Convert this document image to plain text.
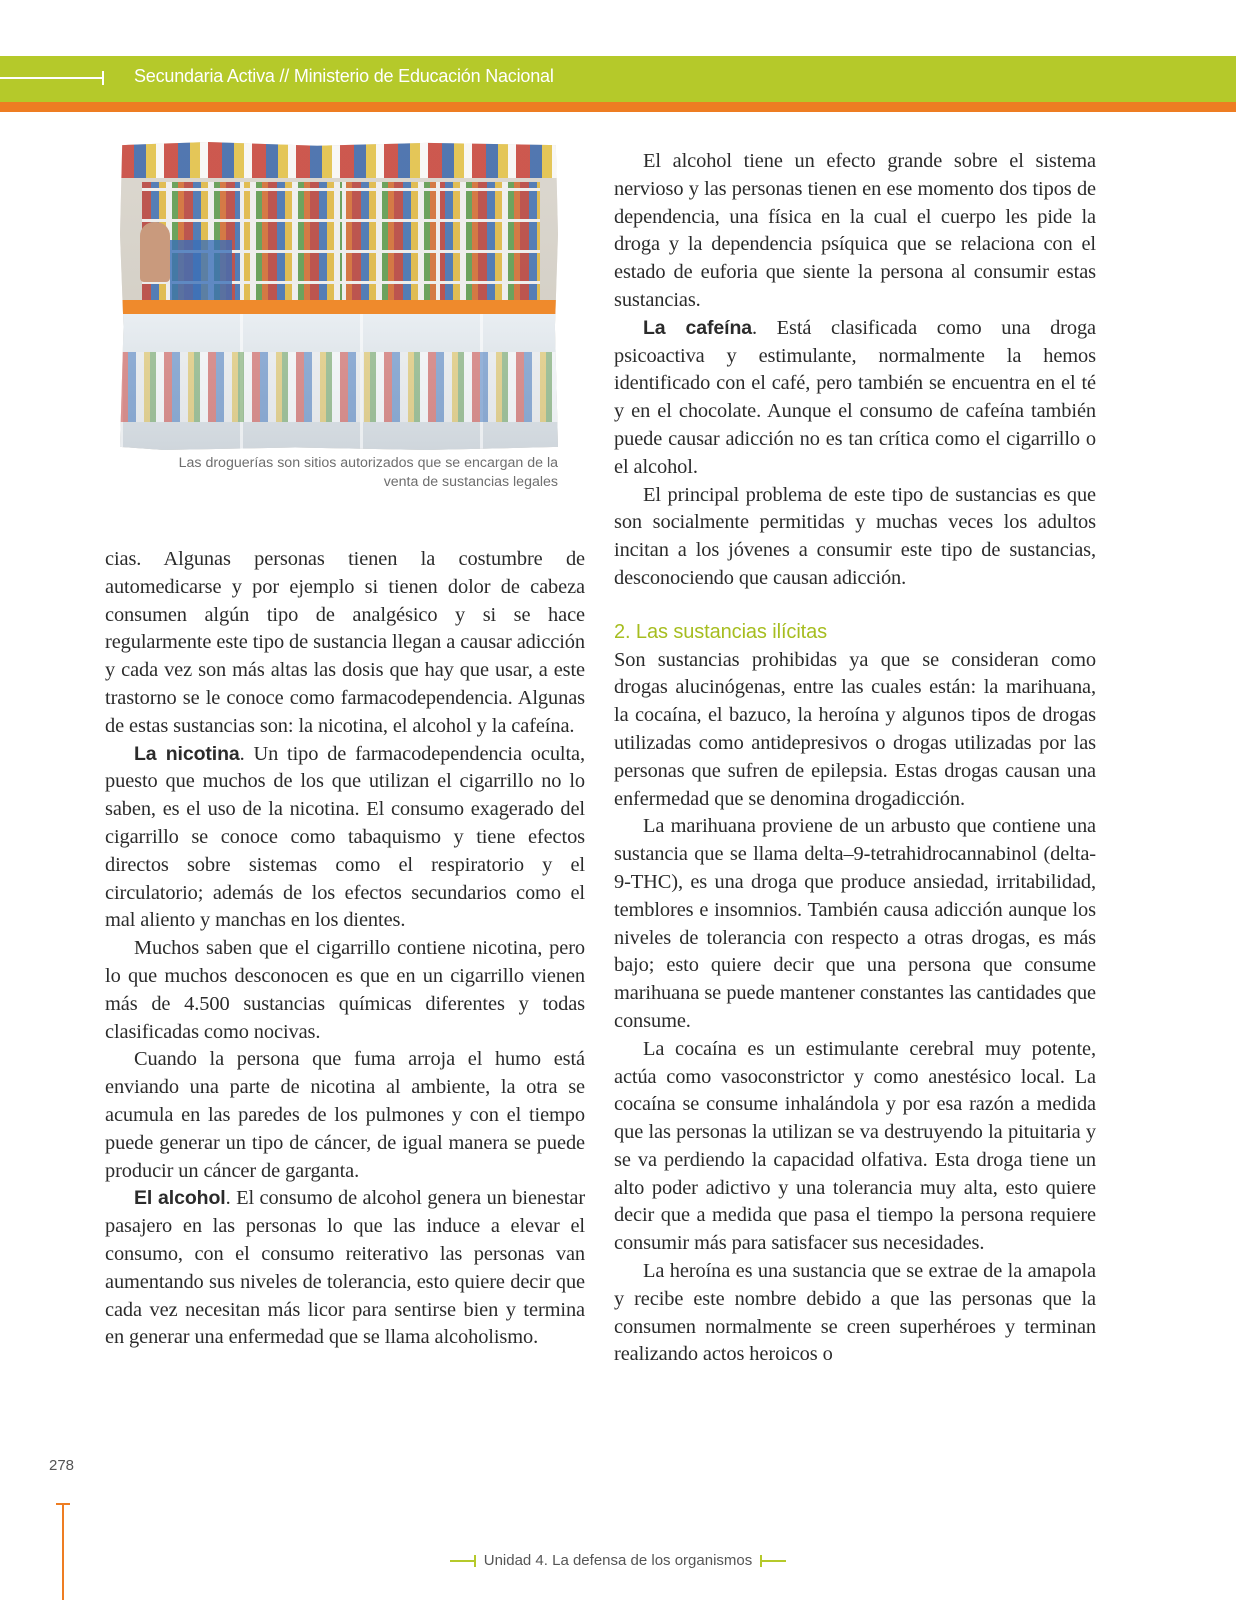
Secundaria Activa // Ministerio de Educación Nacional
Las droguerías son sitios autorizados que se encargan de la
venta de sustancias legales

cias. Algunas personas tienen la costumbre de automedicarse y por ejemplo si tienen dolor de cabeza consumen algún tipo de analgésico y si se hace regularmente este tipo de sustancia llegan a causar adicción y cada vez son más altas las dosis que hay que usar, a este trastorno se le conoce como farmacodependencia. Algunas de estas sustancias son: la nicotina, el alcohol y la cafeína.

La nicotina. Un tipo de farmacodependencia oculta, puesto que muchos de los que utilizan el cigarrillo no lo saben, es el uso de la nicotina. El consumo exagerado del cigarrillo se conoce como tabaquismo y tiene efectos directos sobre sistemas como el respiratorio y el circulatorio; además de los efectos secundarios como el mal aliento y manchas en los dientes.

Muchos saben que el cigarrillo contiene nicotina, pero lo que muchos desconocen es que en un cigarrillo vienen más de 4.500 sustancias químicas diferentes y todas clasificadas como nocivas.

Cuando la persona que fuma arroja el humo está enviando una parte de nicotina al ambiente, la otra se acumula en las paredes de los pulmones y con el tiempo puede generar un tipo de cáncer, de igual manera se puede producir un cáncer de garganta.

El alcohol. El consumo de alcohol genera un bienestar pasajero en las personas lo que las induce a elevar el consumo, con el consumo reiterativo las personas van aumentando sus niveles de tolerancia, esto quiere decir que cada vez necesitan más licor para sentirse bien y termina en generar una enfermedad que se llama alcoholismo.

El alcohol tiene un efecto grande sobre el sistema nervioso y las personas tienen en ese momento dos tipos de dependencia, una física en la cual el cuerpo les pide la droga y la dependencia psíquica que se relaciona con el estado de euforia que siente la persona al consumir estas sustancias.

La cafeína. Está clasificada como una droga psicoactiva y estimulante, normalmente la hemos identificado con el café, pero también se encuentra en el té y en el chocolate. Aunque el consumo de cafeína también puede causar adicción no es tan crítica como el cigarrillo o el alcohol.

El principal problema de este tipo de sustancias es que son socialmente permitidas y muchas veces los adultos incitan a los jóvenes a consumir este tipo de sustancias, desconociendo que causan adicción.

2. Las sustancias ilícitas

Son sustancias prohibidas ya que se consideran como drogas alucinógenas, entre las cuales están: la marihuana, la cocaína, el bazuco, la heroína y algunos tipos de drogas utilizadas como antidepresivos o drogas utilizadas por las personas que sufren de epilepsia. Estas drogas causan una enfermedad que se denomina drogadicción.

La marihuana proviene de un arbusto que contiene una sustancia que se llama delta–9-tetrahidrocannabinol (delta-9-THC), es una droga que produce ansiedad, irritabilidad, temblores e insomnios. También causa adicción aunque los niveles de tolerancia con respecto a otras drogas, es más bajo; esto quiere decir que una persona que consume marihuana se puede mantener constantes las cantidades que consume.

La cocaína es un estimulante cerebral muy potente, actúa como vasoconstrictor y como anestésico local. La cocaína se consume inhalándola y por esa razón a medida que las personas la utilizan se va destruyendo la pituitaria y se va perdiendo la capacidad olfativa. Esta droga tiene un alto poder adictivo y una tolerancia muy alta, esto quiere decir que a medida que pasa el tiempo la persona requiere consumir más para satisfacer sus necesidades.

La heroína es una sustancia que se extrae de la amapola y recibe este nombre debido a que las personas que la consumen normalmente se creen superhéroes y terminan realizando actos heroicos o

278
Unidad 4. La defensa de los organismos
